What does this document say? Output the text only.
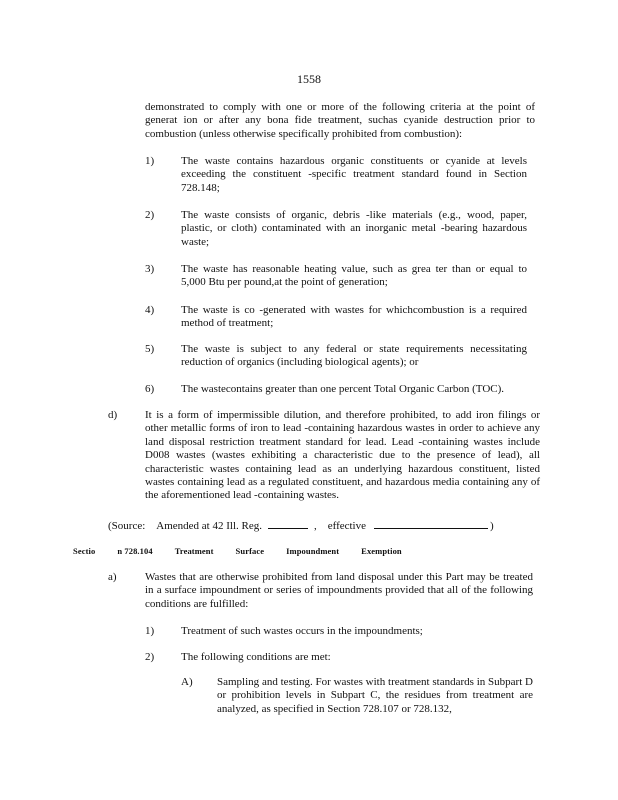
1558

demonstrated to comply with one or more of the following criteria at the point of generat ion or after any bona fide treatment, suchas cyanide destruction prior to combustion (unless otherwise specifically prohibited from combustion):

1) The waste contains hazardous organic constituents or cyanide at levels exceeding the constituent -specific treatment standard found in Section 728.148;

2) The waste consists of organic, debris -like materials (e.g., wood, paper, plastic, or cloth) contaminated with an inorganic metal -bearing hazardous waste;

3) The waste has reasonable heating value, such as grea ter than or equal to 5,000 Btu per pound,at the point of generation;

4) The waste is co -generated with wastes for whichcombustion is a required method of treatment;

5) The waste is subject to any federal or state requirements necessitating reduction of organics (including biological agents); or

6) The wastecontains greater than one percent Total Organic Carbon (TOC).

d)	It is a form of impermissible dilution, and therefore prohibited, to add iron filings or other metallic forms of iron to lead -containing hazardous wastes in order to achieve any land disposal restriction treatment standard for lead. Lead -containing wastes include D008 wastes (wastes exhibiting a characteristic due to the presence of lead), all characteristic wastes containing lead as an underlying hazardous constituent, listed wastes containing lead as a regulated constituent, and hazardous media containing any of the aforementioned lead -containing wastes.

(Source: Amended at 42 Ill. Reg.	, effective	)
Sectio	n 728.104	Treatment	Surface	Impoundment	Exemption
a)	Wastes that are otherwise prohibited from land disposal under this Part may be treated in a surface impoundment or series of impoundments provided that all of the following conditions are fulfilled:

1) Treatment of such wastes occurs in the impoundments;

2) The following conditions are met:

A) Sampling and testing. For wastes with treatment standards in Subpart D or prohibition levels in Subpart C, the residues from treatment are analyzed, as specified in Section 728.107 or 728.132,
